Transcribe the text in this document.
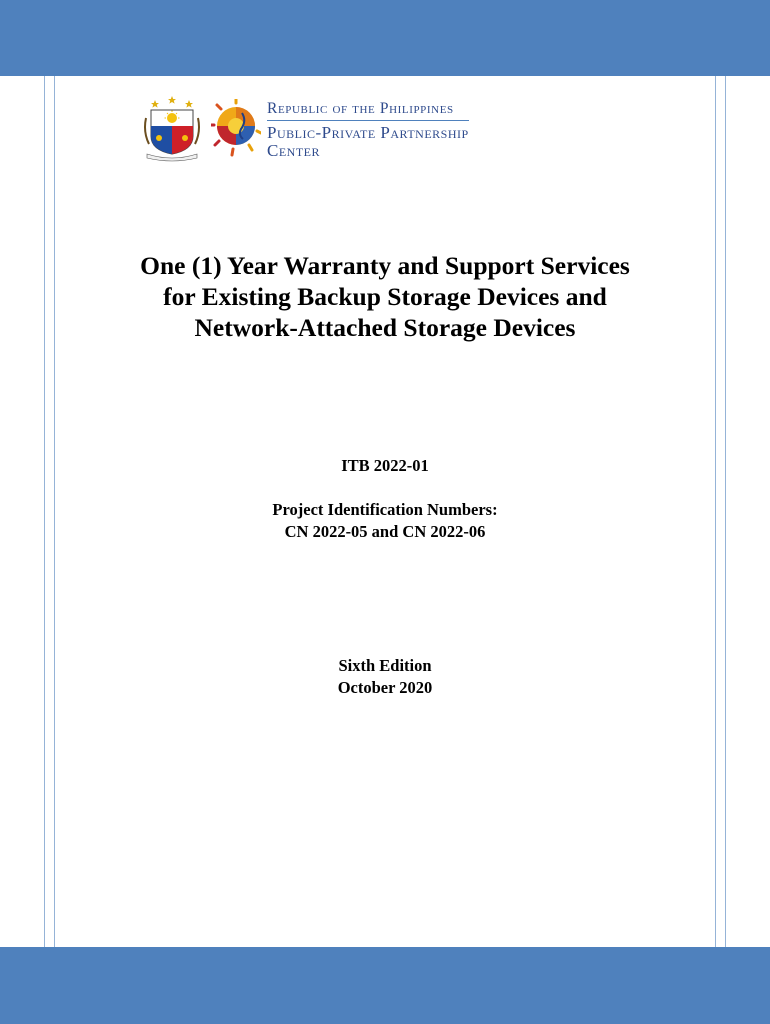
Republic of the Philippines
Public-Private Partnership
Center
One (1) Year Warranty and Support Services
for Existing Backup Storage Devices and
Network-Attached Storage Devices
ITB 2022-01
Project Identification Numbers:
CN 2022-05 and CN 2022-06
Sixth Edition
October 2020
